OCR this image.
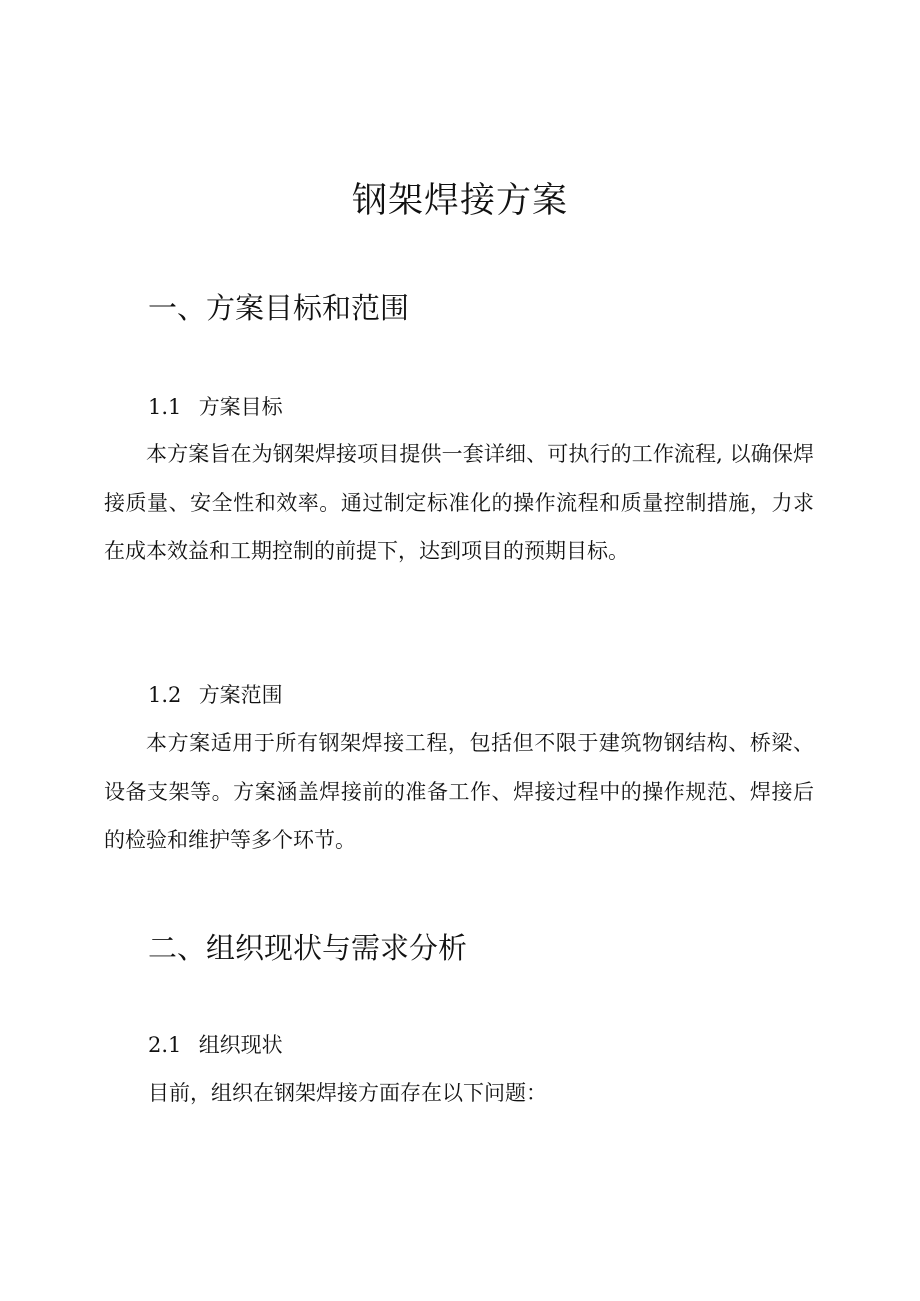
钢架焊接方案
一、方案目标和范围
1.1 方案目标

本方案旨在为钢架焊接项目提供一套详细、可执行的工作流程, 以确保焊接质量、安全性和效率。通过制定标准化的操作流程和质量控制措施，力求在成本效益和工期控制的前提下，达到项目的预期目标。

1.2 方案范围

本方案适用于所有钢架焊接工程，包括但不限于建筑物钢结构、桥梁、设备支架等。方案涵盖焊接前的准备工作、焊接过程中的操作规范、焊接后的检验和维护等多个环节。

二、组织现状与需求分析
2.1 组织现状

目前，组织在钢架焊接方面存在以下问题：
